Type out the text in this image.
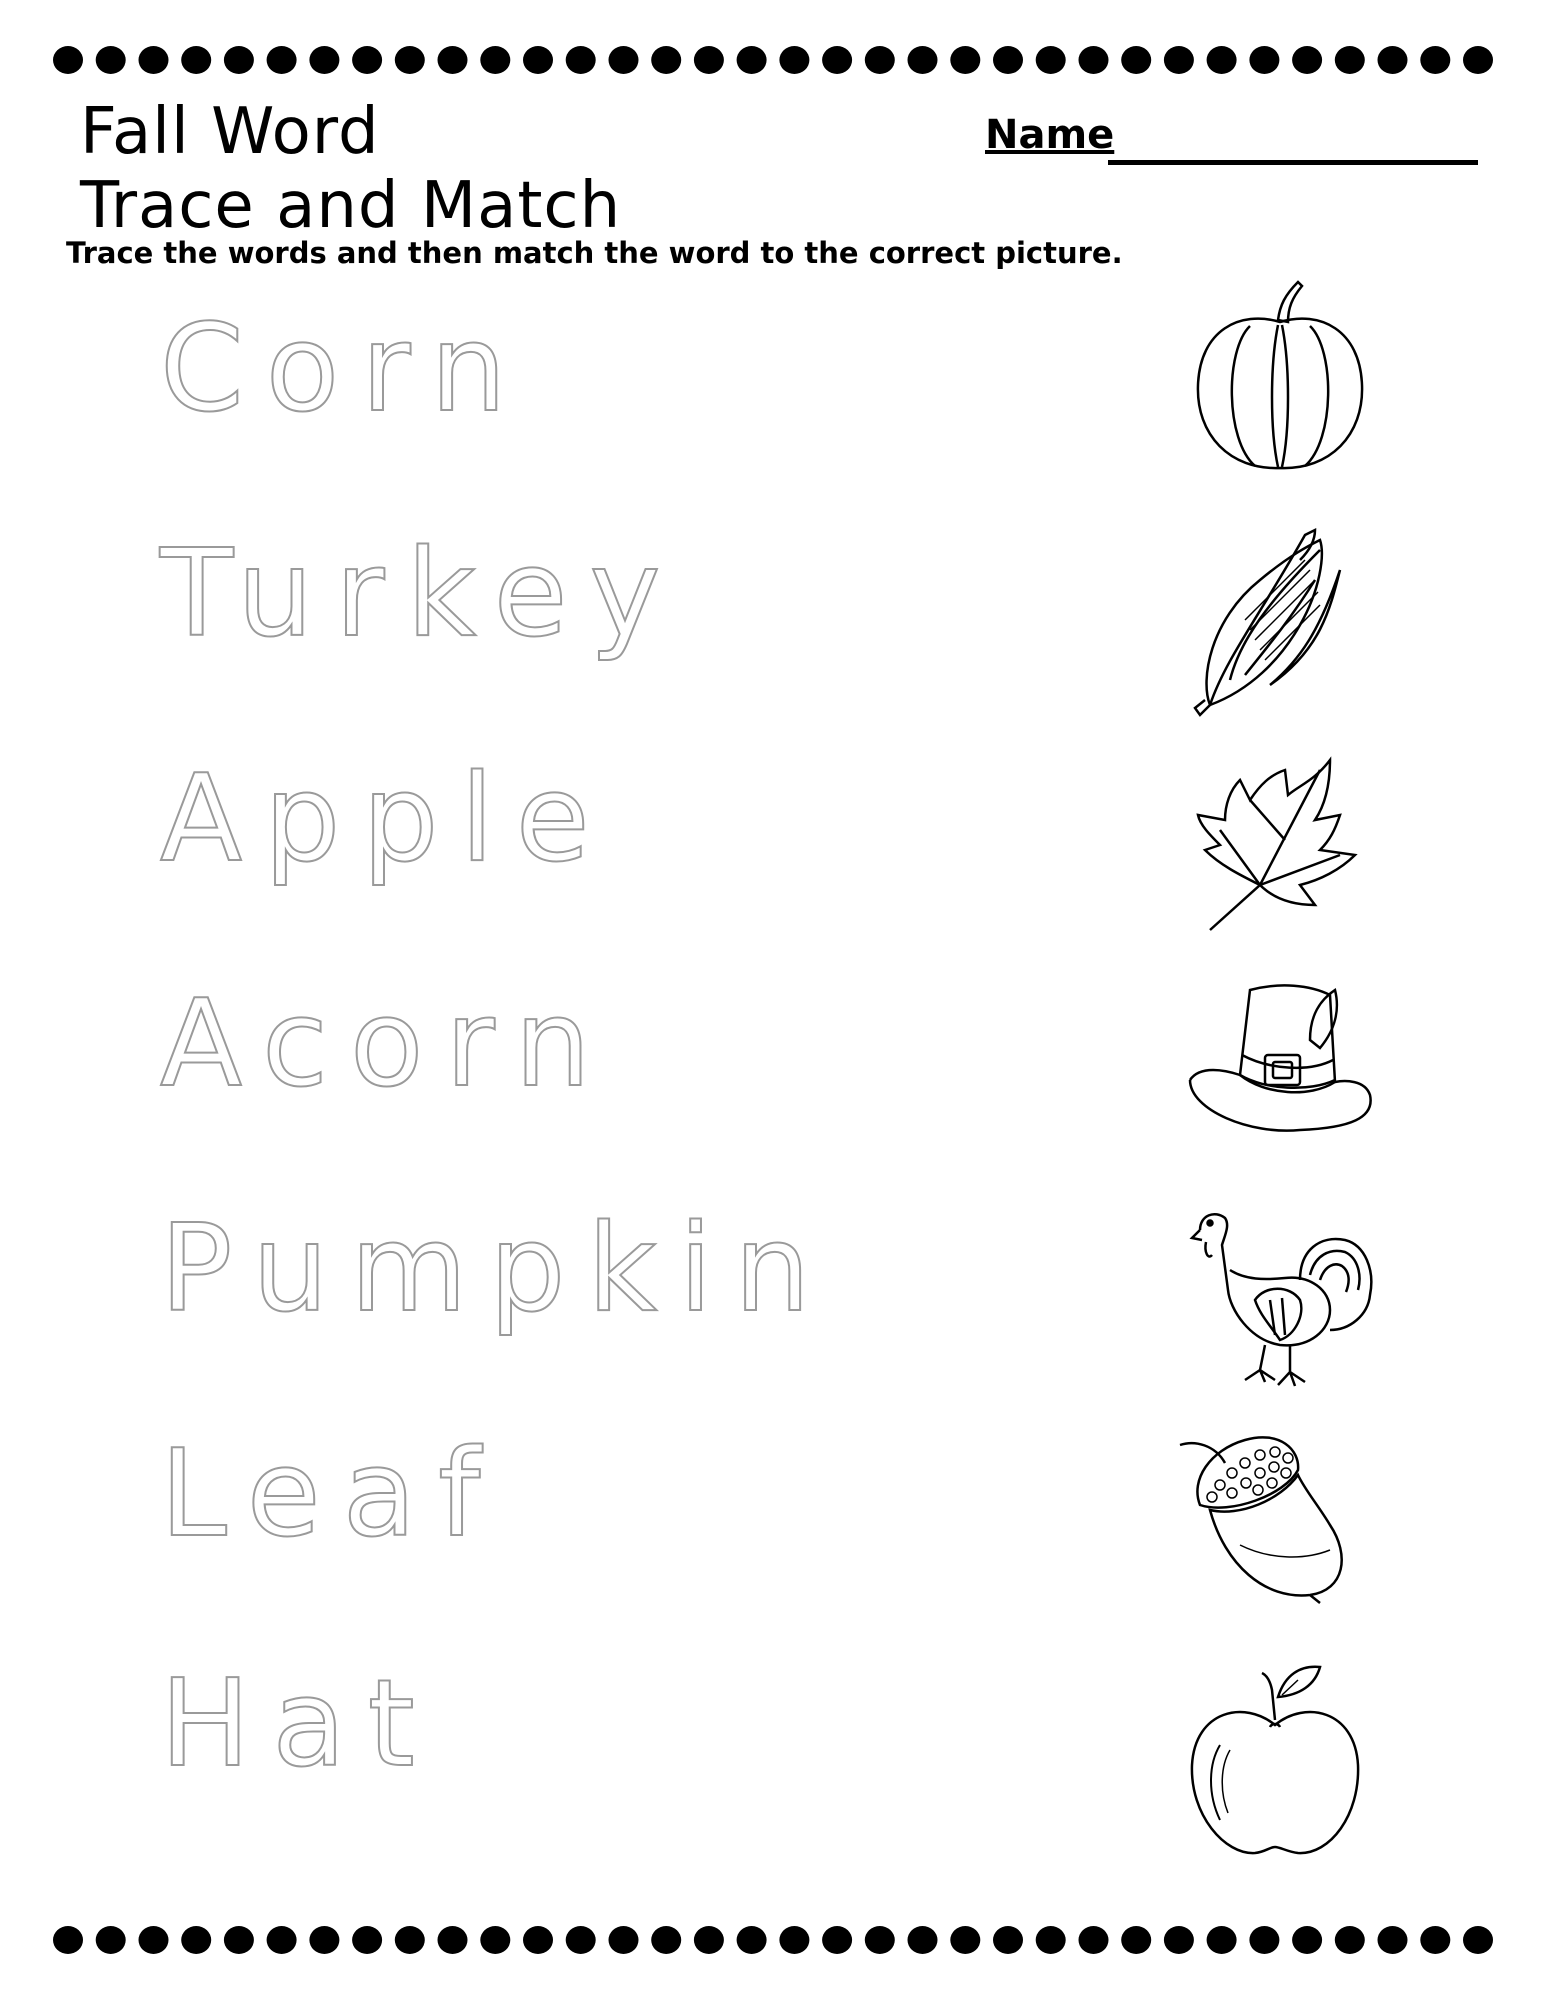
Fall Word
Trace and Match
Name
Trace the words and then match the word to the correct picture.
Corn
Turkey
Apple
Acorn
Pumpkin
Leaf
Hat
